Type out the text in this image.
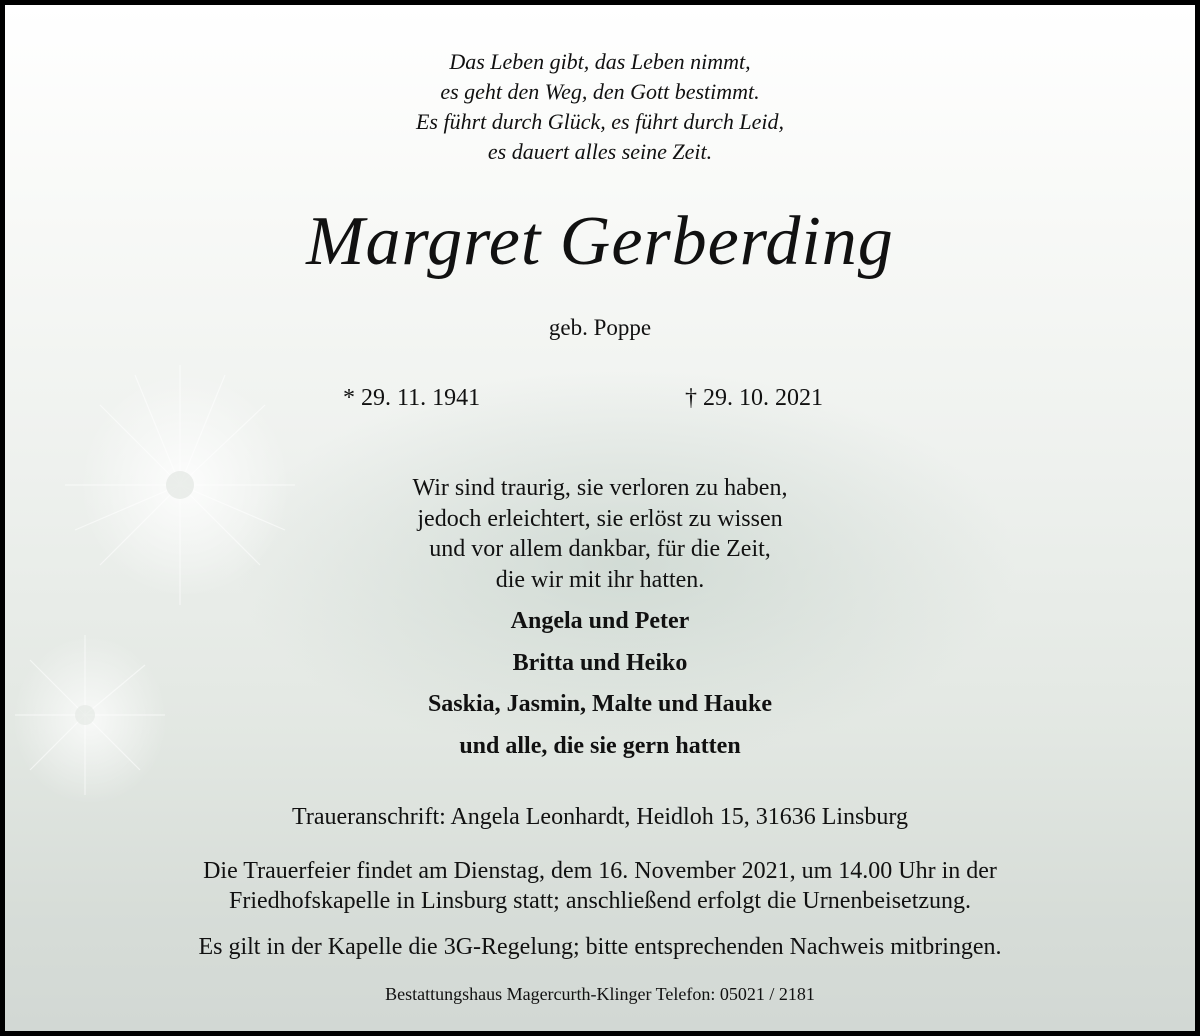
Das Leben gibt, das Leben nimmt,
es geht den Weg, den Gott bestimmt.
Es führt durch Glück, es führt durch Leid,
es dauert alles seine Zeit.
Margret Gerberding
geb. Poppe
* 29. 11. 1941	† 29. 10. 2021
Wir sind traurig, sie verloren zu haben,
jedoch erleichtert, sie erlöst zu wissen
und vor allem dankbar, für die Zeit,
die wir mit ihr hatten.
Angela und Peter
Britta und Heiko
Saskia, Jasmin, Malte und Hauke
und alle, die sie gern hatten
Traueranschrift: Angela Leonhardt, Heidloh 15, 31636 Linsburg
Die Trauerfeier findet am Dienstag, dem 16. November 2021, um 14.00 Uhr in der
Friedhofskapelle in Linsburg statt; anschließend erfolgt die Urnenbeisetzung.
Es gilt in der Kapelle die 3G-Regelung; bitte entsprechenden Nachweis mitbringen.
Bestattungshaus Magercurth-Klinger Telefon: 05021 / 2181
